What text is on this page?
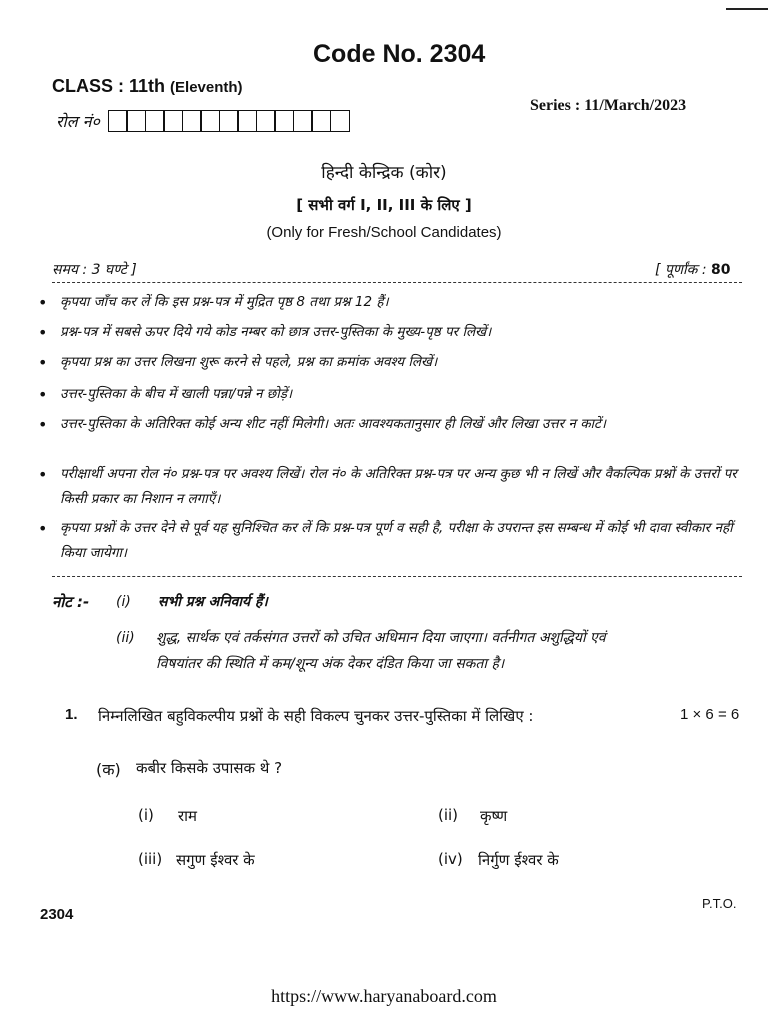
Code No. 2304
CLASS : 11th (Eleventh)
Series : 11/March/2023
रोल नं०
हिन्दी केन्द्रिक (कोर)
[ सभी वर्ग I, II, III के लिए ]
(Only for Fresh/School Candidates)
समय : 3 घण्टे ]	[ पूर्णांक : 80
• कृपया जाँच कर लें कि इस प्रश्न-पत्र में मुद्रित पृष्ठ 8 तथा प्रश्न 12 हैं।
• प्रश्न-पत्र में सबसे ऊपर दिये गये कोड नम्बर को छात्र उत्तर-पुस्तिका के मुख्य-पृष्ठ पर लिखें।
• कृपया प्रश्न का उत्तर लिखना शुरू करने से पहले, प्रश्न का क्रमांक अवश्य लिखें।
• उत्तर-पुस्तिका के बीच में खाली पन्ना/पन्ने न छोड़ें।
• उत्तर-पुस्तिका के अतिरिक्त कोई अन्य शीट नहीं मिलेगी। अतः आवश्यकतानुसार ही लिखें और लिखा उत्तर न काटें।
• परीक्षार्थी अपना रोल नं० प्रश्न-पत्र पर अवश्य लिखें। रोल नं० के अतिरिक्त प्रश्न-पत्र पर अन्य कुछ भी न लिखें और वैकल्पिक प्रश्नों के उत्तरों पर किसी प्रकार का निशान न लगाएँ।
• कृपया प्रश्नों के उत्तर देने से पूर्व यह सुनिश्चित कर लें कि प्रश्न-पत्र पूर्ण व सही है, परीक्षा के उपरान्त इस सम्बन्ध में कोई भी दावा स्वीकार नहीं किया जायेगा।
नोट :- (i) सभी प्रश्न अनिवार्य हैं।
(ii) शुद्ध, सार्थक एवं तर्कसंगत उत्तरों को उचित अधिमान दिया जाएगा। वर्तनीगत अशुद्धियों एवं
विषयांतर की स्थिति में कम/शून्य अंक देकर दंडित किया जा सकता है।
1. निम्नलिखित बहुविकल्पीय प्रश्नों के सही विकल्प चुनकर उत्तर-पुस्तिका में लिखिए :	1 × 6 = 6
(क) कबीर किसके उपासक थे ?
(i) राम	(ii) कृष्ण
(iii) सगुण ईश्वर के	(iv) निर्गुण ईश्वर के
P.T.O.
2304
https://www.haryanaboard.com
